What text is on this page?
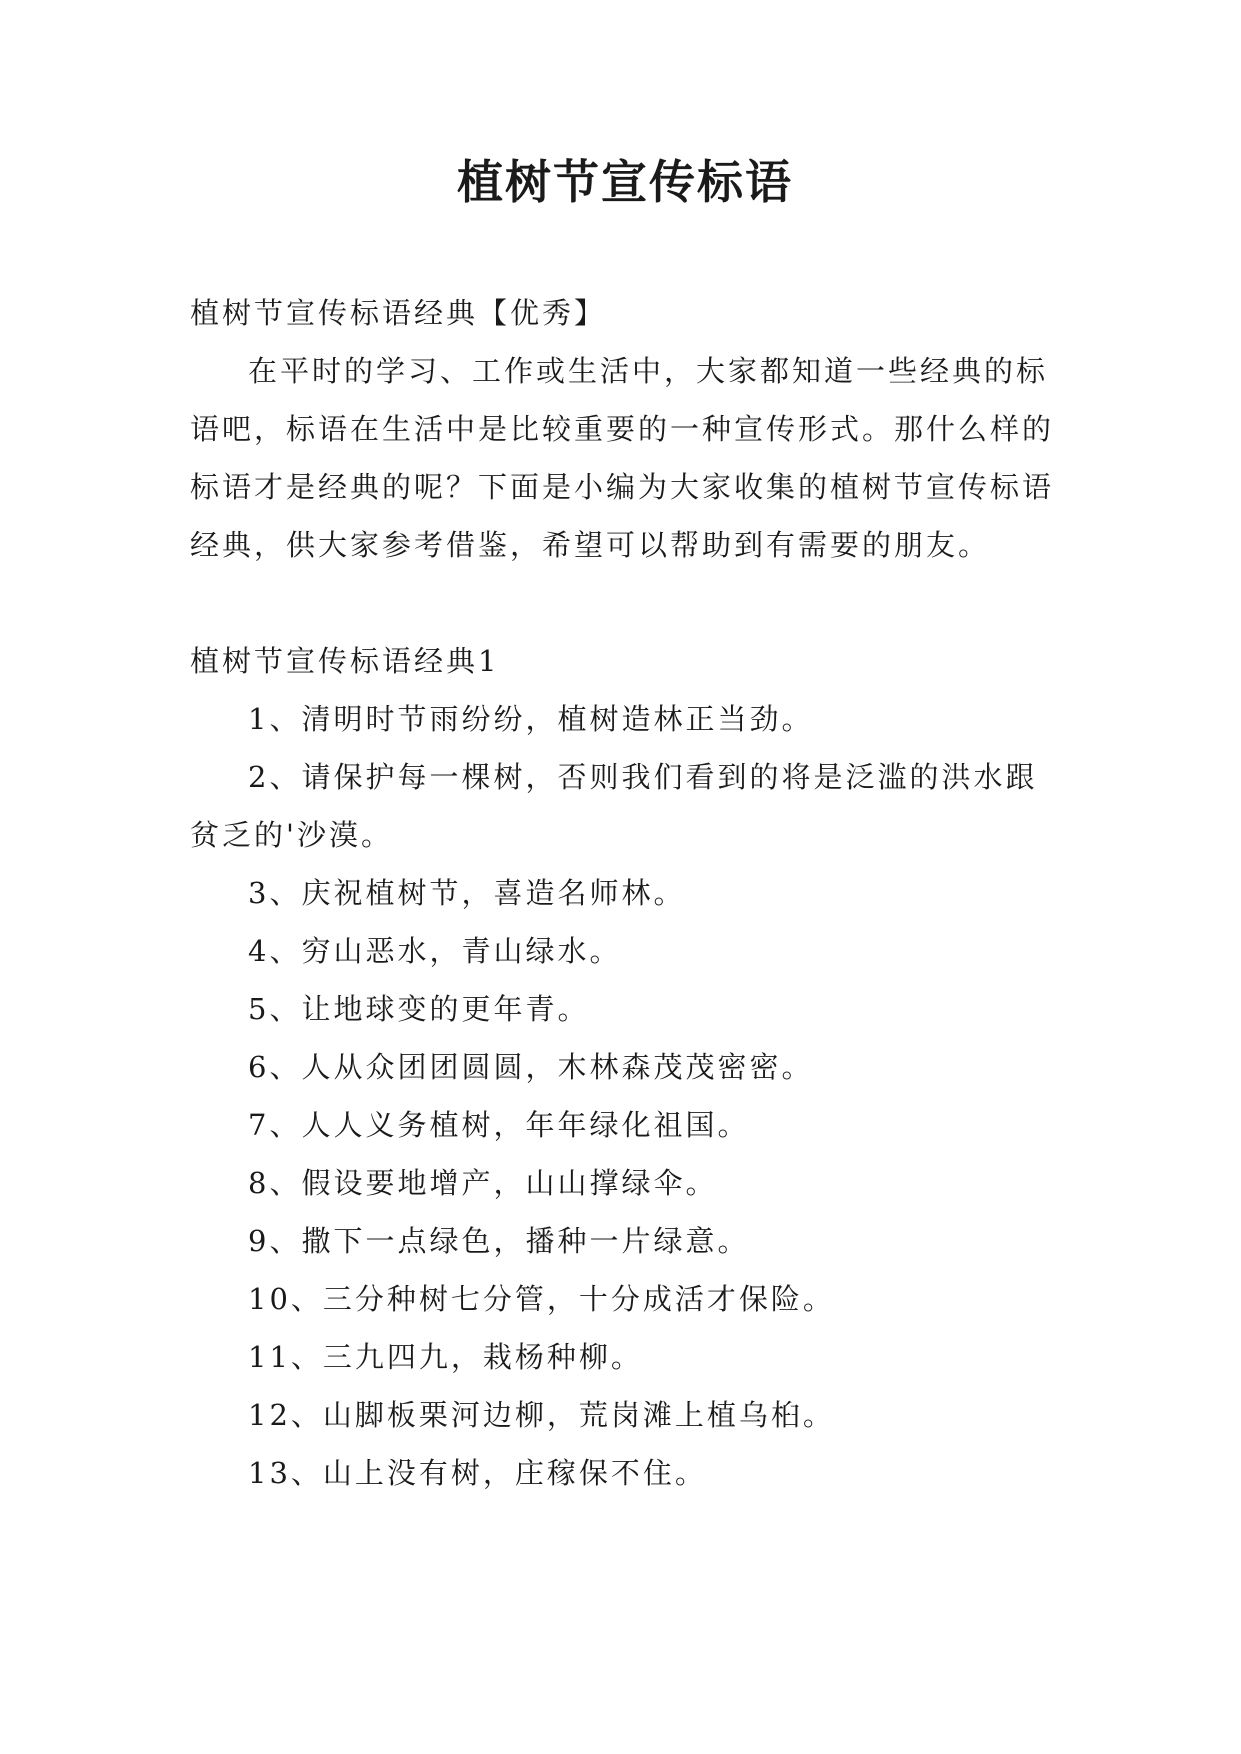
植树节宣传标语

植树节宣传标语经典【优秀】

在平时的学习、工作或生活中，大家都知道一些经典的标语吧，标语在生活中是比较重要的一种宣传形式。那什么样的标语才是经典的呢？下面是小编为大家收集的植树节宣传标语经典，供大家参考借鉴，希望可以帮助到有需要的朋友。

植树节宣传标语经典1

1、清明时节雨纷纷，植树造林正当劲。

2、请保护每一棵树，否则我们看到的将是泛滥的洪水跟贫乏的'沙漠。

3、庆祝植树节，喜造名师林。

4、穷山恶水，青山绿水。

5、让地球变的更年青。

6、人从众团团圆圆，木林森茂茂密密。

7、人人义务植树，年年绿化祖国。

8、假设要地增产，山山撑绿伞。

9、撒下一点绿色，播种一片绿意。

10、三分种树七分管，十分成活才保险。

11、三九四九，栽杨种柳。

12、山脚板栗河边柳，荒岗滩上植乌桕。

13、山上没有树，庄稼保不住。
